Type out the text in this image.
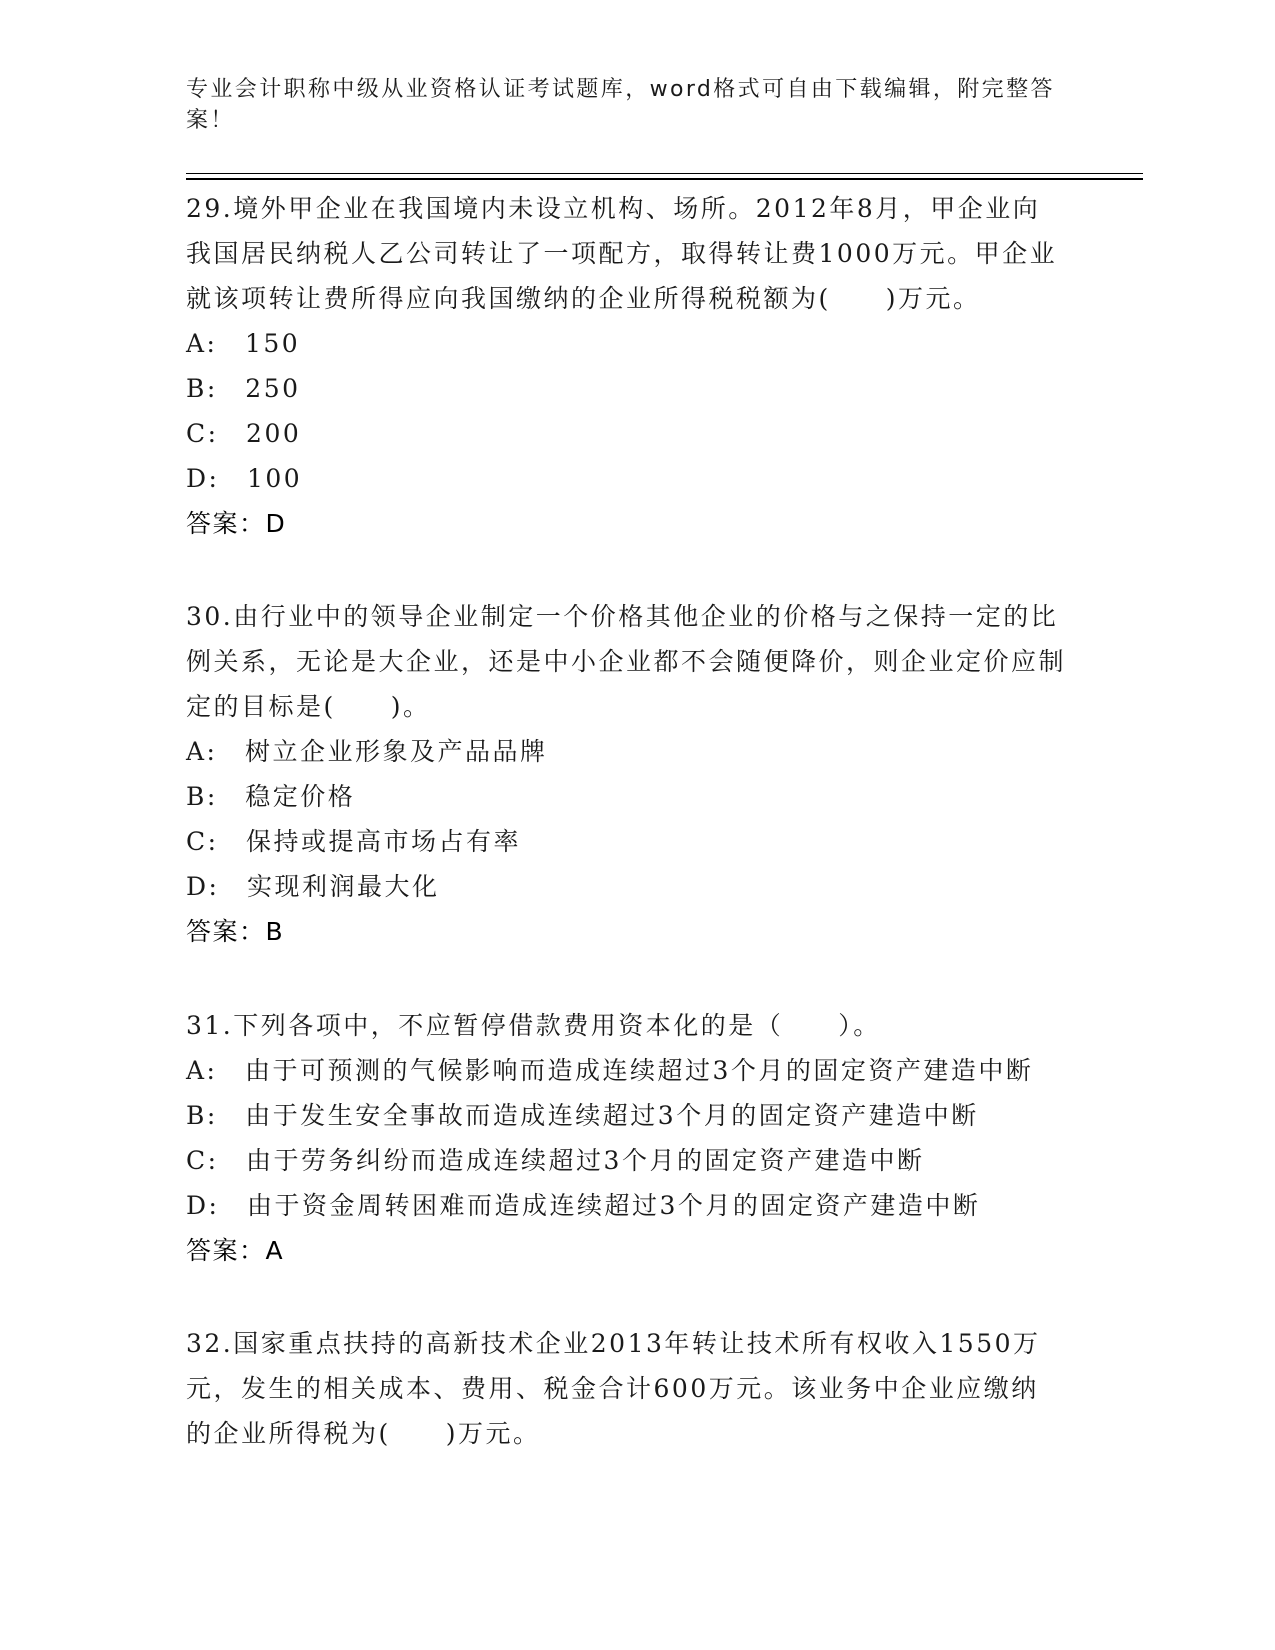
专业会计职称中级从业资格认证考试题库，word格式可自由下载编辑，附完整答案！

29.境外甲企业在我国境内未设立机构、场所。2012年8月，甲企业向我国居民纳税人乙公司转让了一项配方，取得转让费1000万元。甲企业就该项转让费所得应向我国缴纳的企业所得税税额为(　　)万元。

A:　150

B:　250

C:　200

D:　100

答案：D

30.由行业中的领导企业制定一个价格其他企业的价格与之保持一定的比例关系，无论是大企业，还是中小企业都不会随便降价，则企业定价应制定的目标是(　　)。

A:　树立企业形象及产品品牌

B:　稳定价格

C:　保持或提高市场占有率

D:　实现利润最大化

答案：B

31.下列各项中，不应暂停借款费用资本化的是（　　）。

A:　由于可预测的气候影响而造成连续超过3个月的固定资产建造中断

B:　由于发生安全事故而造成连续超过3个月的固定资产建造中断

C:　由于劳务纠纷而造成连续超过3个月的固定资产建造中断

D:　由于资金周转困难而造成连续超过3个月的固定资产建造中断

答案：A

32.国家重点扶持的高新技术企业2013年转让技术所有权收入1550万元，发生的相关成本、费用、税金合计600万元。该业务中企业应缴纳的企业所得税为(　　)万元。
